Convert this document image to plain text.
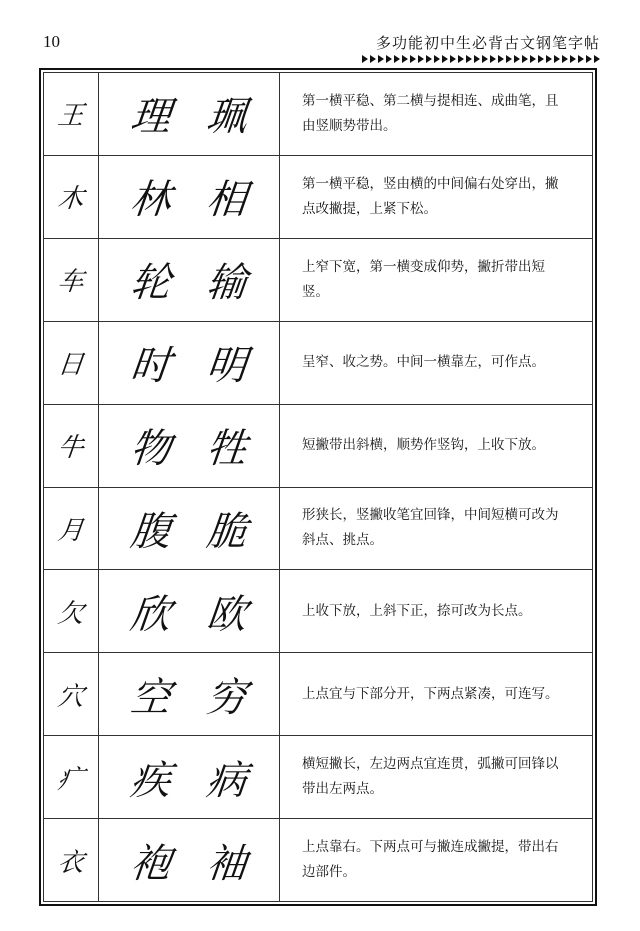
10	多功能初中生必背古文钢笔字帖
王 理 珮	第一横平稳、第二横与提相连、成曲笔，且由竖顺势带出。
木 林 相	第一横平稳，竖由横的中间偏右处穿出，撇点改撇提，上紧下松。
车 轮 输	上窄下宽，第一横变成仰势，撇折带出短竖。
日 时 明	呈窄、收之势。中间一横靠左，可作点。
牛 物 牲	短撇带出斜横，顺势作竖钩，上收下放。
月 腹 脆	形狭长，竖撇收笔宜回锋，中间短横可改为斜点、挑点。
欠 欣 欧	上收下放，上斜下正，捺可改为长点。
穴 空 穷	上点宜与下部分开，下两点紧凑，可连写。
疒 疾 病	横短撇长，左边两点宜连贯，弧撇可回锋以带出左两点。
衣 袍 袖	上点靠右。下两点可与撇连成撇提，带出右边部件。
